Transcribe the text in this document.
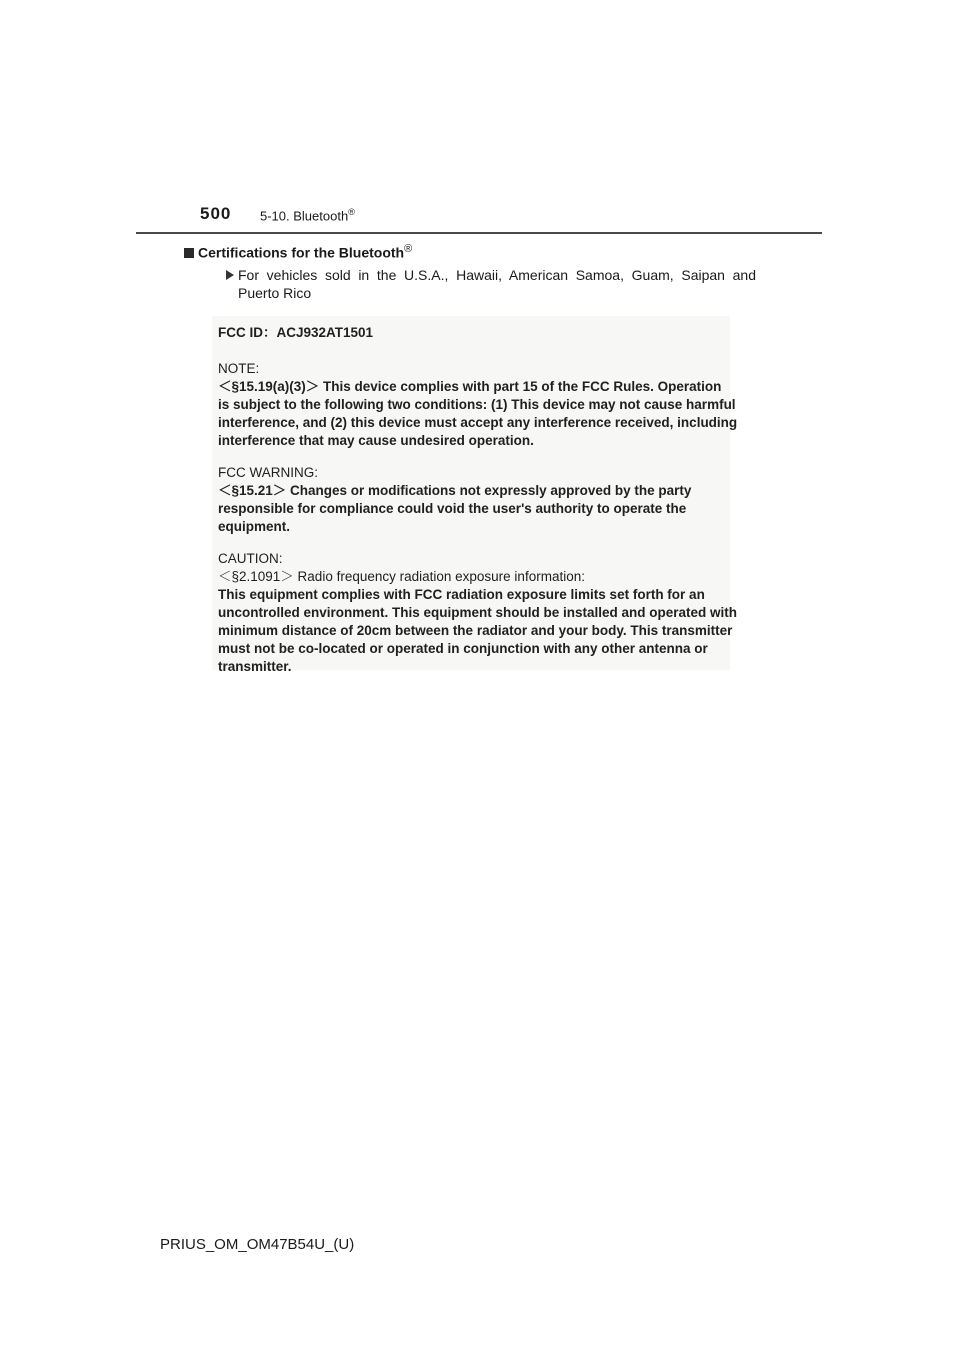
500 5-10. Bluetooth®
Certifications for the Bluetooth®
For vehicles sold in the U.S.A., Hawaii, American Samoa, Guam, Saipan and Puerto Rico
FCC ID：ACJ932AT1501
NOTE:
＜§15.19(a)(3)＞ This device complies with part 15 of the FCC Rules. Operation
is subject to the following two conditions: (1) This device may not cause harmful
interference, and (2) this device must accept any interference received, including
interference that may cause undesired operation.
FCC WARNING:
＜§15.21＞ Changes or modifications not expressly approved by the party
responsible for compliance could void the user's authority to operate the
equipment.
CAUTION:
＜§2.1091＞ Radio frequency radiation exposure information:
This equipment complies with FCC radiation exposure limits set forth for an
uncontrolled environment. This equipment should be installed and operated with
minimum distance of 20cm between the radiator and your body. This transmitter
must not be co-located or operated in conjunction with any other antenna or
transmitter.
PRIUS_OM_OM47B54U_(U)
